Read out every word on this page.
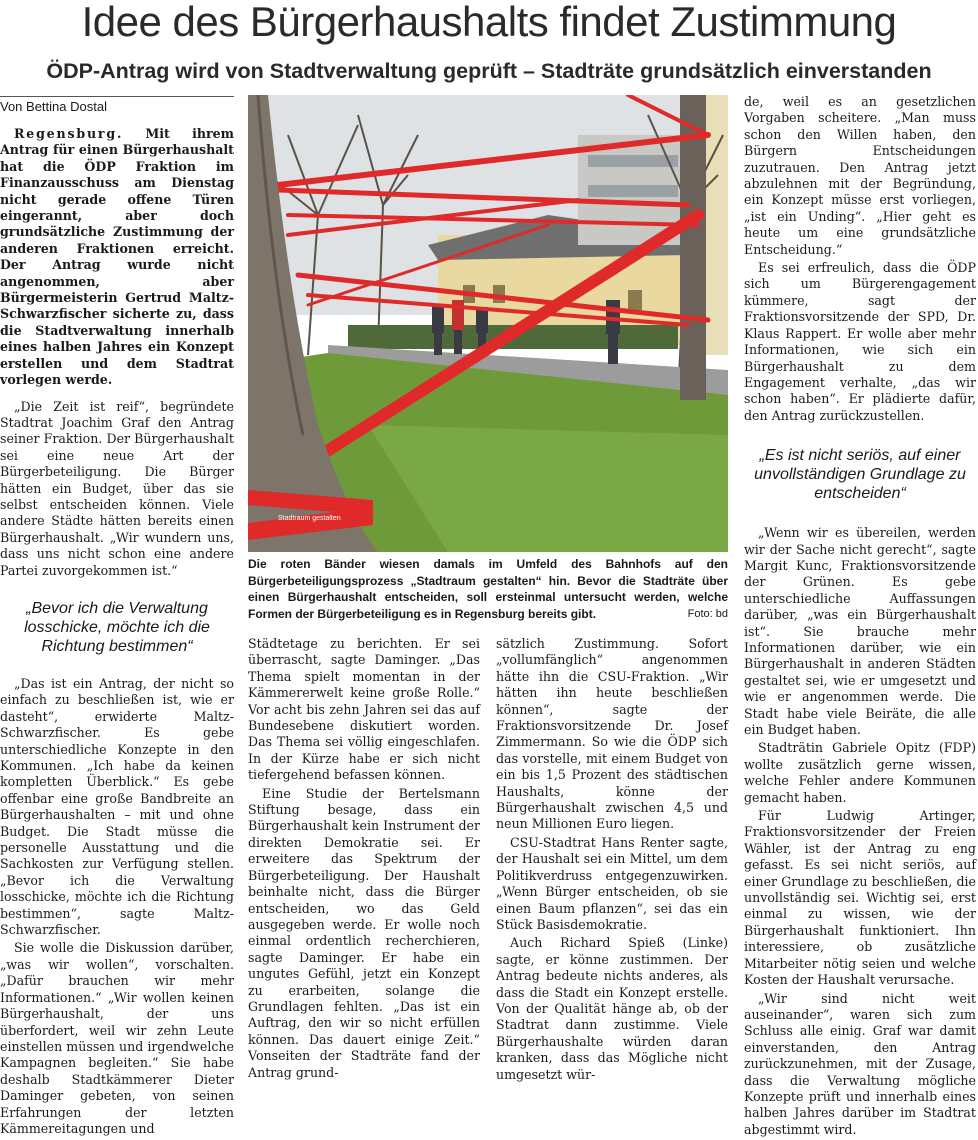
Idee des Bürgerhaushalts findet Zustimmung
ÖDP-Antrag wird von Stadtverwaltung geprüft – Stadträte grundsätzlich einverstanden
Von Bettina Dostal

Regensburg. Mit ihrem Antrag für einen Bürgerhaushalt hat die ÖDP Fraktion im Finanzausschuss am Dienstag nicht gerade offene Türen eingerannt, aber doch grundsätzliche Zustimmung der anderen Fraktionen erreicht. Der Antrag wurde nicht angenommen, aber Bürgermeisterin Gertrud Maltz-Schwarzfischer sicherte zu, dass die Stadtverwaltung innerhalb eines halben Jahres ein Konzept erstellen und dem Stadtrat vorlegen werde.

„Die Zeit ist reif“, begründete Stadtrat Joachim Graf den Antrag seiner Fraktion. Der Bürgerhaushalt sei eine neue Art der Bürgerbeteiligung. Die Bürger hätten ein Budget, über das sie selbst entscheiden können. Viele andere Städte hätten bereits einen Bürgerhaushalt. „Wir wundern uns, dass uns nicht schon eine andere Partei zuvorgekommen ist.“

„Bevor ich die Verwaltung losschicke, möchte ich die Richtung bestimmen“

„Das ist ein Antrag, der nicht so einfach zu beschließen ist, wie er dasteht“, erwiderte Maltz-Schwarzfischer. Es gebe unterschiedliche Konzepte in den Kommunen. „Ich habe da keinen kompletten Überblick.“ Es gebe offenbar eine große Bandbreite an Bürgerhaushalten – mit und ohne Budget. Die Stadt müsse die personelle Ausstattung und die Sachkosten zur Verfügung stellen. „Bevor ich die Verwaltung losschicke, möchte ich die Richtung bestimmen“, sagte Maltz-Schwarzfischer.

Sie wolle die Diskussion darüber, „was wir wollen“, vorschalten. „Dafür brauchen wir mehr Informationen.“ „Wir wollen keinen Bürgerhaushalt, der uns überfordert, weil wir zehn Leute einstellen müssen und irgendwelche Kampagnen begleiten.“ Sie habe deshalb Stadtkämmerer Dieter Daminger gebeten, von seinen Erfahrungen der letzten Kämmereitagungen und

Stadtraum gestalten
Die roten Bänder wiesen damals im Umfeld des Bahnhofs auf den Bürgerbeteiligungsprozess „Stadtraum gestalten“ hin. Bevor die Stadträte über einen Bürgerhaushalt entscheiden, soll ersteinmal untersucht werden, welche Formen der Bürgerbeteiligung es in Regensburg bereits gibt.	Foto: bd

Städtetage zu berichten. Er sei überrascht, sagte Daminger. „Das Thema spielt momentan in der Kämmererwelt keine große Rolle.“ Vor acht bis zehn Jahren sei das auf Bundesebene diskutiert worden. Das Thema sei völlig eingeschlafen. In der Kürze habe er sich nicht tiefergehend befassen können.

Eine Studie der Bertelsmann Stiftung besage, dass ein Bürgerhaushalt kein Instrument der direkten Demokratie sei. Er erweitere das Spektrum der Bürgerbeteiligung. Der Haushalt beinhalte nicht, dass die Bürger entscheiden, wo das Geld ausgegeben werde. Er wolle noch einmal ordentlich recherchieren, sagte Daminger. Er habe ein ungutes Gefühl, jetzt ein Konzept zu erarbeiten, solange die Grundlagen fehlten. „Das ist ein Auftrag, den wir so nicht erfüllen können. Das dauert einige Zeit.“ Vonseiten der Stadträte fand der Antrag grund-

sätzlich Zustimmung. Sofort „vollumfänglich“ angenommen hätte ihn die CSU-Fraktion. „Wir hätten ihn heute beschließen können“, sagte der Fraktionsvorsitzende Dr. Josef Zimmermann. So wie die ÖDP sich das vorstelle, mit einem Budget von ein bis 1,5 Prozent des städtischen Haushalts, könne der Bürgerhaushalt zwischen 4,5 und neun Millionen Euro liegen.

CSU-Stadtrat Hans Renter sagte, der Haushalt sei ein Mittel, um dem Politikverdruss entgegenzuwirken. „Wenn Bürger entscheiden, ob sie einen Baum pflanzen“, sei das ein Stück Basisdemokratie.

Auch Richard Spieß (Linke) sagte, er könne zustimmen. Der Antrag bedeute nichts anderes, als dass die Stadt ein Konzept erstelle. Von der Qualität hänge ab, ob der Stadtrat dann zustimme. Viele Bürgerhaushalte würden daran kranken, dass das Mögliche nicht umgesetzt wür-

de, weil es an gesetzlichen Vorgaben scheitere. „Man muss schon den Willen haben, den Bürgern Entscheidungen zuzutrauen. Den Antrag jetzt abzulehnen mit der Begründung, ein Konzept müsse erst vorliegen, „ist ein Unding“. „Hier geht es heute um eine grundsätzliche Entscheidung.“

Es sei erfreulich, dass die ÖDP sich um Bürgerengagement kümmere, sagt der Fraktionsvorsitzende der SPD, Dr. Klaus Rappert. Er wolle aber mehr Informationen, wie sich ein Bürgerhaushalt zu dem Engagement verhalte, „das wir schon haben“. Er plädierte dafür, den Antrag zurückzustellen.

„Es ist nicht seriös, auf einer unvollständigen Grundlage zu entscheiden“

„Wenn wir es übereilen, werden wir der Sache nicht gerecht“, sagte Margit Kunc, Fraktionsvorsitzende der Grünen. Es gebe unterschiedliche Auffassungen darüber, „was ein Bürgerhaushalt ist“. Sie brauche mehr Informationen darüber, wie ein Bürgerhaushalt in anderen Städten gestaltet sei, wie er umgesetzt und wie er angenommen werde. Die Stadt habe viele Beiräte, die alle ein Budget haben.

Stadträtin Gabriele Opitz (FDP) wollte zusätzlich gerne wissen, welche Fehler andere Kommunen gemacht haben.

Für Ludwig Artinger, Fraktionsvorsitzender der Freien Wähler, ist der Antrag zu eng gefasst. Es sei nicht seriös, auf einer Grundlage zu beschließen, die unvollständig sei. Wichtig sei, erst einmal zu wissen, wie der Bürgerhaushalt funktioniert. Ihn interessiere, ob zusätzliche Mitarbeiter nötig seien und welche Kosten der Haushalt verursache.

„Wir sind nicht weit auseinander“, waren sich zum Schluss alle einig. Graf war damit einverstanden, den Antrag zurückzunehmen, mit der Zusage, dass die Verwaltung mögliche Konzepte prüft und innerhalb eines halben Jahres darüber im Stadtrat abgestimmt wird.
